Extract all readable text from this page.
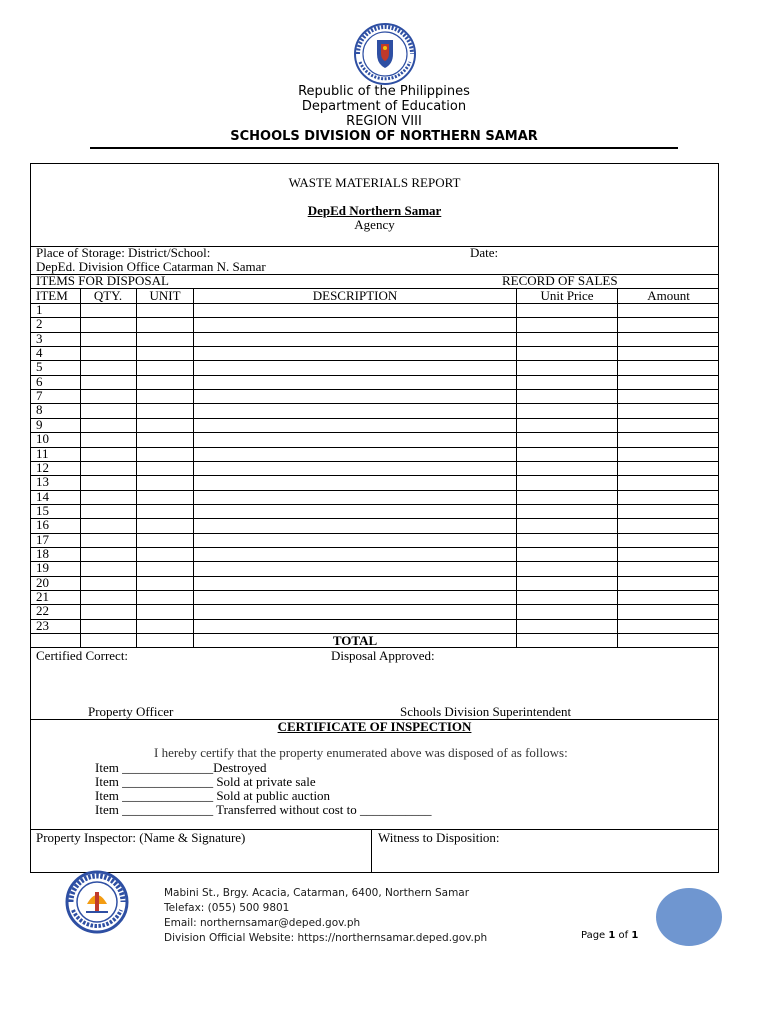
Republic of the Philippines
Department of Education
REGION VIII
SCHOOLS DIVISION OF NORTHERN SAMAR
WASTE MATERIALS REPORT
DepEd Northern Samar
Agency
Place of Storage: District/School:	Date:
DepEd. Division Office Catarman N. Samar
ITEMS FOR DISPOSAL	RECORD OF SALES
ITEM	QTY.	UNIT	DESCRIPTION	Unit Price	Amount
1
2
3
4
5
6
7
8
9
10
11
12
13
14
15
16
17
18
19
20
21
22
23
TOTAL
Certified Correct:	Disposal Approved:
Property Officer	Schools Division Superintendent
CERTIFICATE OF INSPECTION
I hereby certify that the property enumerated above was disposed of as follows:
Item ______________Destroyed
Item ______________ Sold at private sale
Item ______________ Sold at public auction
Item ______________ Transferred without cost to ___________
Property Inspector: (Name & Signature)	Witness to Disposition:
Mabini St., Brgy. Acacia, Catarman, 6400, Northern Samar
Telefax: (055) 500 9801
Email: northernsamar@deped.gov.ph
Division Official Website: https://northernsamar.deped.gov.ph	Page 1 of 1
